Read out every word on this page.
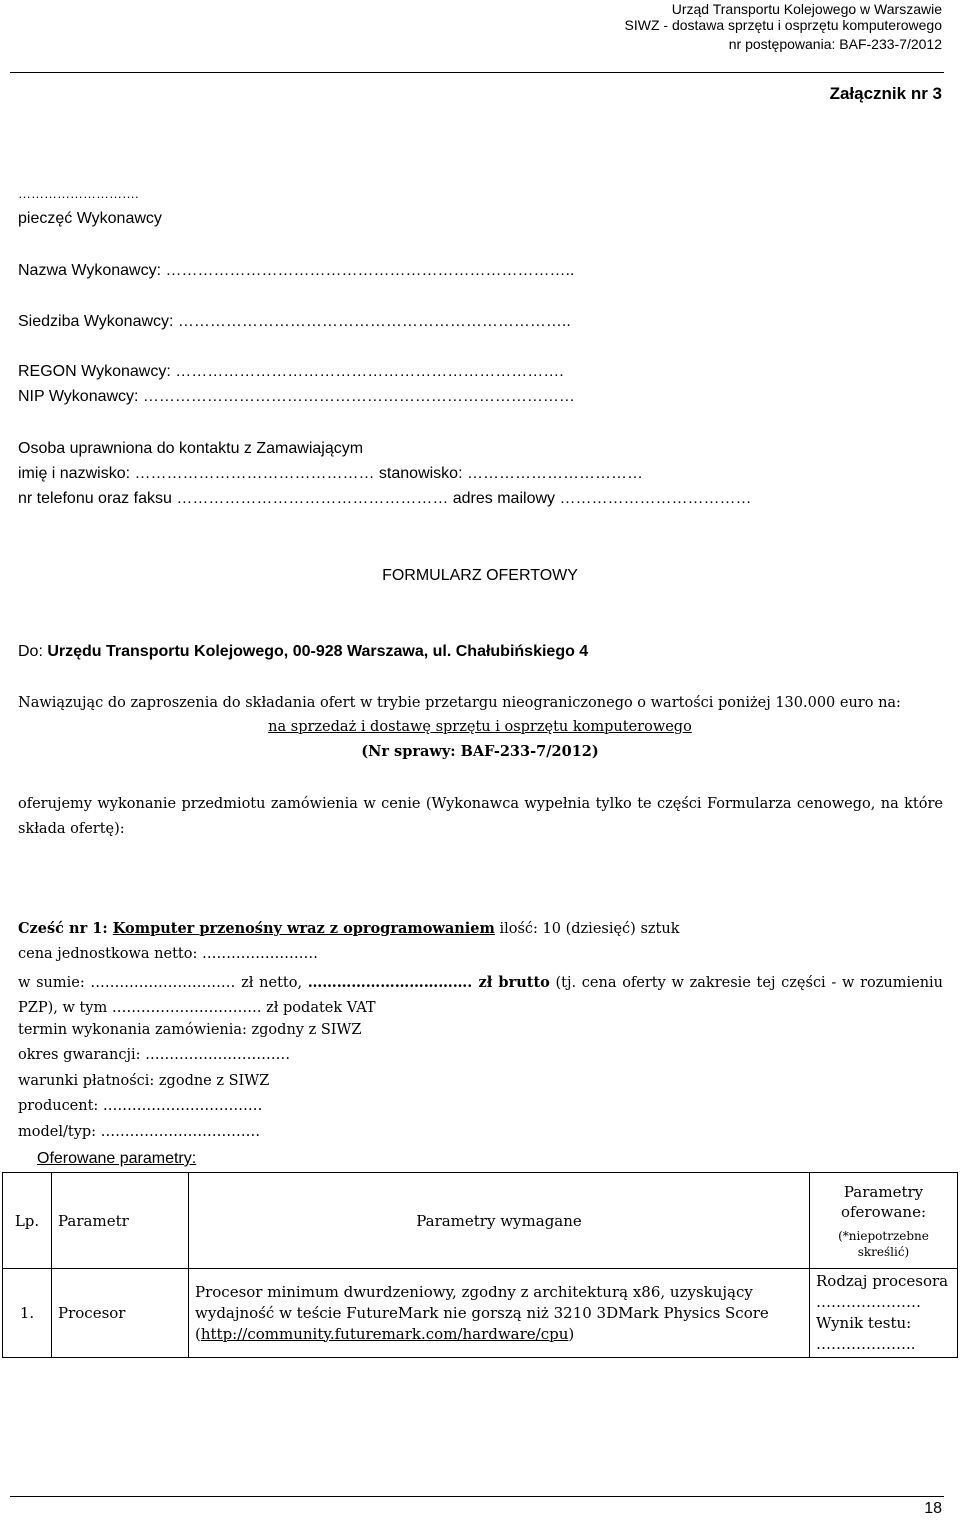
Urząd Transportu Kolejowego w Warszawie
SIWZ - dostawa sprzętu i osprzętu komputerowego
nr postępowania: BAF-233-7/2012
Załącznik nr 3
……………………….
pieczęć Wykonawcy
Nazwa Wykonawcy: …………………………………………………………………..
Siedziba Wykonawcy: ………………………………………………………………..
REGON Wykonawcy: ……………………………………………………………….
NIP Wykonawcy: ………………………………………………………………………
Osoba uprawniona do kontaktu z Zamawiającym
imię i nazwisko: ……………………………………… stanowisko: ……………………………
nr telefonu oraz faksu …………………………………………… adres mailowy ………………………………
FORMULARZ OFERTOWY
Do: Urzędu Transportu Kolejowego, 00-928 Warszawa, ul. Chałubińskiego 4
Nawiązując do zaproszenia do składania ofert w trybie przetargu nieograniczonego o wartości poniżej 130.000 euro na:
na sprzedaż i dostawę sprzętu i osprzętu komputerowego
(Nr sprawy: BAF-233-7/2012)
oferujemy wykonanie przedmiotu zamówienia w cenie (Wykonawca wypełnia tylko te części Formularza cenowego, na które składa ofertę):
Cześć nr 1: Komputer przenośny wraz z oprogramowaniem ilość: 10 (dziesięć) sztuk
cena jednostkowa netto: ……………………
w sumie: ………………………… zł netto, ……………………………. zł brutto (tj. cena oferty w zakresie tej części - w rozumieniu PZP), w tym …………………………. zł podatek VAT
termin wykonania zamówienia: zgodny z SIWZ
okres gwarancji: …………………………
warunki płatności: zgodne z SIWZ
producent: ……………………………
model/typ: ……………………………
Oferowane parametry:
Lp.	Parametr	Parametry wymagane	Parametry oferowane:
(*niepotrzebne skreślić)

1.	Procesor	Procesor minimum dwurdzeniowy, zgodny z architekturą x86, uzyskujący wydajność w teście FutureMark nie gorszą niż 3210 3DMark Physics Score (http://community.futuremark.com/hardware/cpu)	Rodzaj procesora
…………………
Wynik testu:
………………..
18
